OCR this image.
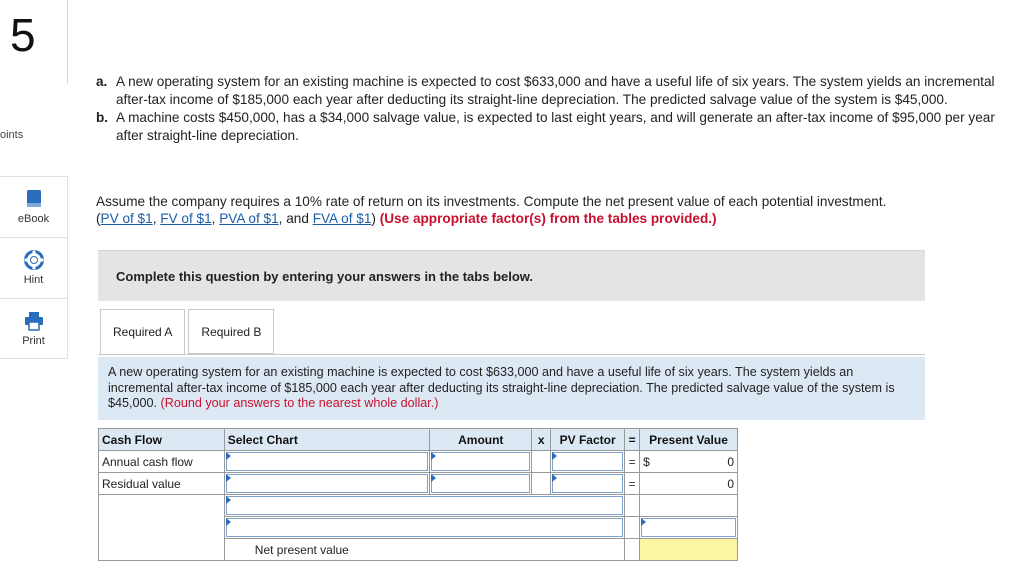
5
oints
eBook
Hint
Print
a. A new operating system for an existing machine is expected to cost $633,000 and have a useful life of six years. The system yields an incremental after-tax income of $185,000 each year after deducting its straight-line depreciation. The predicted salvage value of the system is $45,000.
b. A machine costs $450,000, has a $34,000 salvage value, is expected to last eight years, and will generate an after-tax income of $95,000 per year after straight-line depreciation.
Assume the company requires a 10% rate of return on its investments. Compute the net present value of each potential investment.
(PV of $1, FV of $1, PVA of $1, and FVA of $1) (Use appropriate factor(s) from the tables provided.)
Complete this question by entering your answers in the tabs below.
Required A	Required B
A new operating system for an existing machine is expected to cost $633,000 and have a useful life of six years. The system yields an incremental after-tax income of $185,000 each year after deducting its straight-line depreciation. The predicted salvage value of the system is $45,000. (Round your answers to the nearest whole dollar.)
Cash Flow	Select Chart	Amount	x	PV Factor	=	Present Value
Annual cash flow					=	$ 0

Residual value					=	0

	Net present value					
